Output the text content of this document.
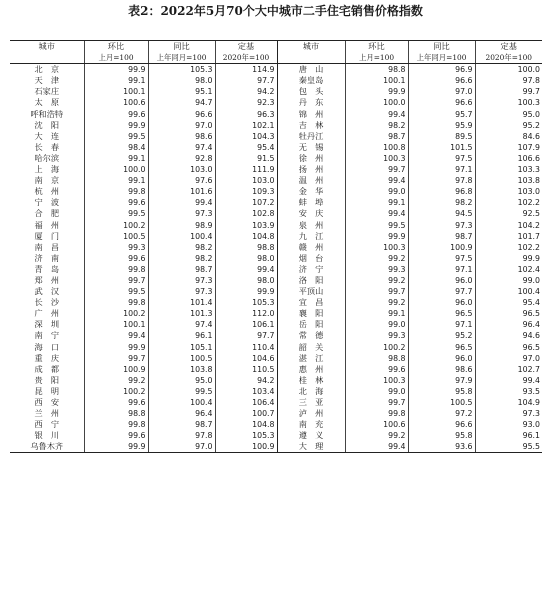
表2：2022年5月70个大中城市二手住宅销售价格指数
城市	环比	同比	定基	城市	环比	同比	定基
	上月=100	上年同月=100	2020年=100		上月=100	上年同月=100	2020年=100
北　京	99.9	105.3	114.9	唐　山	98.8	96.9	100.0
天　津	99.1	98.0	97.7	秦皇岛	100.1	96.6	97.8
石家庄	100.1	95.1	94.2	包　头	99.9	97.0	99.7
太　原	100.6	94.7	92.3	丹　东	100.0	96.6	100.3
呼和浩特	99.6	96.6	96.3	锦　州	99.4	95.7	95.0
沈　阳	99.9	97.0	102.1	吉　林	98.2	95.9	95.2
大　连	99.5	98.6	104.3	牡丹江	98.7	89.5	84.6
长　春	98.4	97.4	95.4	无　锡	100.8	101.5	107.9
哈尔滨	99.1	92.8	91.5	徐　州	100.3	97.5	106.6
上　海	100.0	103.0	111.9	扬　州	99.7	97.1	103.3
南　京	99.1	97.6	103.0	温　州	99.4	97.8	103.8
杭　州	99.8	101.6	109.3	金　华	99.0	96.8	103.0
宁　波	99.6	99.4	107.2	蚌　埠	99.1	98.2	102.2
合　肥	99.5	97.3	102.8	安　庆	99.4	94.5	92.5
福　州	100.2	98.9	103.9	泉　州	99.5	97.3	104.2
厦　门	100.5	100.4	104.8	九　江	99.9	98.7	101.7
南　昌	99.3	98.2	98.8	赣　州	100.3	100.9	102.2
济　南	99.6	98.2	98.0	烟　台	99.2	97.5	99.9
青　岛	99.8	98.7	99.4	济　宁	99.3	97.1	102.4
郑　州	99.7	97.3	98.0	洛　阳	99.2	96.0	99.0
武　汉	99.5	97.3	99.9	平顶山	99.7	97.7	100.4
长　沙	99.8	101.4	105.3	宜　昌	99.2	96.0	95.4
广　州	100.2	101.3	112.0	襄　阳	99.1	96.5	96.5
深　圳	100.1	97.4	106.1	岳　阳	99.0	97.1	96.4
南　宁	99.4	96.1	97.7	常　德	99.3	95.2	94.6
海　口	99.9	105.1	110.4	韶　关	100.2	96.5	96.5
重　庆	99.7	100.5	104.6	湛　江	98.8	96.0	97.0
成　都	100.9	103.8	110.5	惠　州	99.6	98.6	102.7
贵　阳	99.2	95.0	94.2	桂　林	100.3	97.9	99.4
昆　明	100.2	99.5	103.4	北　海	99.0	95.8	93.5
西　安	99.6	100.4	106.4	三　亚	99.7	100.5	104.9
兰　州	98.8	96.4	100.7	泸　州	99.8	97.2	97.3
西　宁	99.8	98.7	104.8	南　充	100.6	96.6	93.0
银　川	99.6	97.8	105.3	遵　义	99.2	95.8	96.1
乌鲁木齐	99.9	97.0	100.9	大　理	99.4	93.6	95.5
